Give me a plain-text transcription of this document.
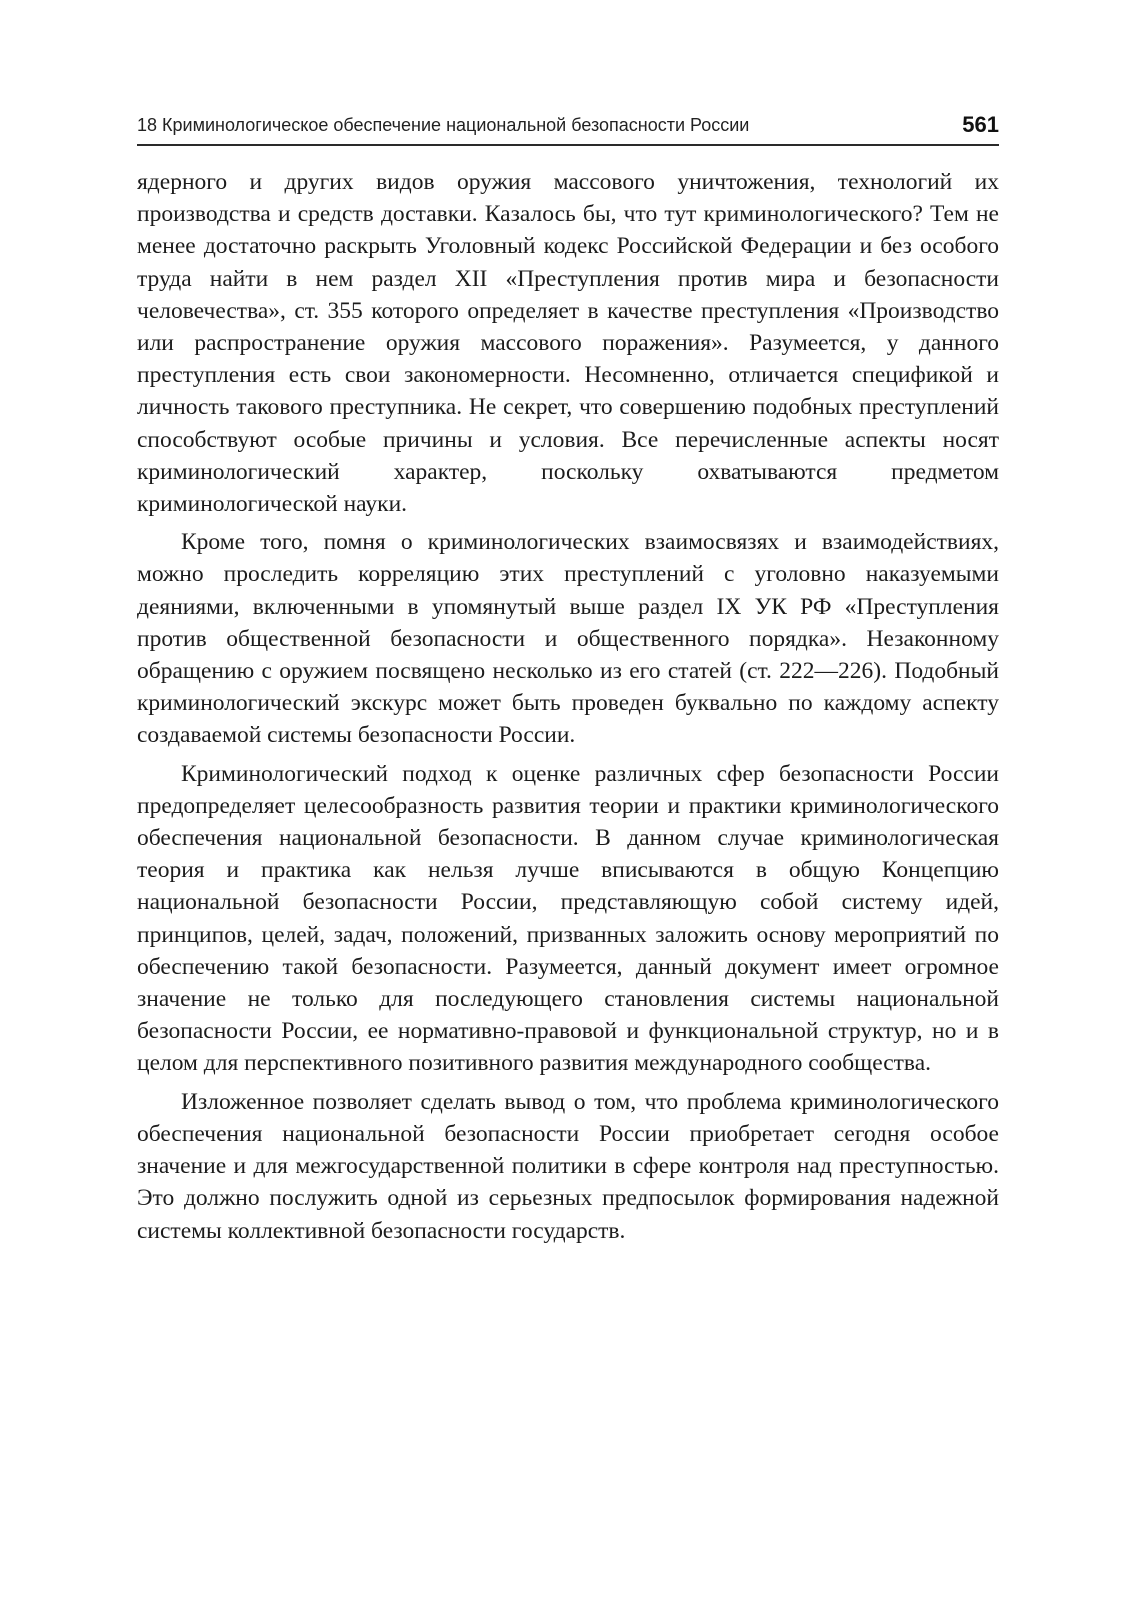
18 Криминологическое обеспечение национальной безопасности России	561

ядерного и других видов оружия массового уничтожения, технологий их производства и средств доставки. Казалось бы, что тут криминологического? Тем не менее достаточно раскрыть Уголовный кодекс Российской Федерации и без особого труда найти в нем раздел XII «Преступления против мира и безопасности человечества», ст. 355 которого определяет в качестве преступления «Производство или распространение оружия массового поражения». Разумеется, у данного преступления есть свои закономерности. Несомненно, отличается спецификой и личность такового преступника. Не секрет, что совершению подобных преступлений способствуют особые причины и условия. Все перечисленные аспекты носят криминологический характер, поскольку охватываются предметом криминологической науки.

Кроме того, помня о криминологических взаимосвязях и взаимодействиях, можно проследить корреляцию этих преступлений с уголовно наказуемыми деяниями, включенными в упомянутый выше раздел IX УК РФ «Преступления против общественной безопасности и общественного порядка». Незаконному обращению с оружием посвящено несколько из его статей (ст. 222—226). Подобный криминологический экскурс может быть проведен буквально по каждому аспекту создаваемой системы безопасности России.

Криминологический подход к оценке различных сфер безопасности России предопределяет целесообразность развития теории и практики криминологического обеспечения национальной безопасности. В данном случае криминологическая теория и практика как нельзя лучше вписываются в общую Концепцию национальной безопасности России, представляющую собой систему идей, принципов, целей, задач, положений, призванных заложить основу мероприятий по обеспечению такой безопасности. Разумеется, данный документ имеет огромное значение не только для последующего становления системы национальной безопасности России, ее нормативно-правовой и функциональной структур, но и в целом для перспективного позитивного развития международного сообщества.

Изложенное позволяет сделать вывод о том, что проблема криминологического обеспечения национальной безопасности России приобретает сегодня особое значение и для межгосударственной политики в сфере контроля над преступностью. Это должно послужить одной из серьезных предпосылок формирования надежной системы коллективной безопасности государств.
